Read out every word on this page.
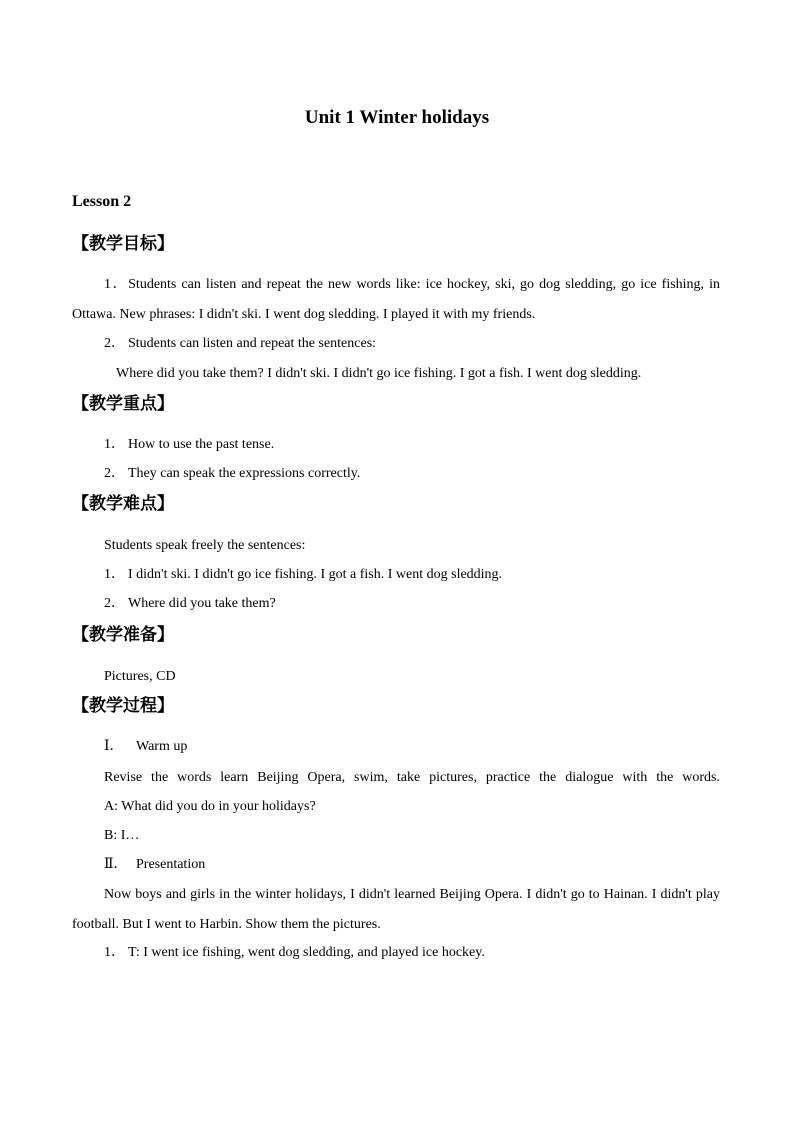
Unit 1 Winter holidays
Lesson 2
【教学目标】
1．Students can listen and repeat the new words like: ice hockey, ski, go dog sledding, go ice fishing, in Ottawa. New phrases: I didn't ski. I went dog sledding. I played it with my friends.
2． Students can listen and repeat the sentences:
Where did you take them? I didn't ski. I didn't go ice fishing. I got a fish. I went dog sledding.
【教学重点】
1． How to use the past tense.
2． They can speak the expressions correctly.
【教学难点】
Students speak freely the sentences:
1． I didn't ski. I didn't go ice fishing. I got a fish. I went dog sledding.
2． Where did you take them?
【教学准备】
Pictures, CD
【教学过程】
Ⅰ． Warm up
Revise the words learn Beijing Opera, swim, take pictures, practice the dialogue with the words.
A: What did you do in your holidays?
B: I…
Ⅱ． Presentation
Now boys and girls in the winter holidays, I didn't learned Beijing Opera. I didn't go to Hainan. I didn't play football. But I went to Harbin. Show them the pictures.
1． T: I went ice fishing, went dog sledding, and played ice hockey.
